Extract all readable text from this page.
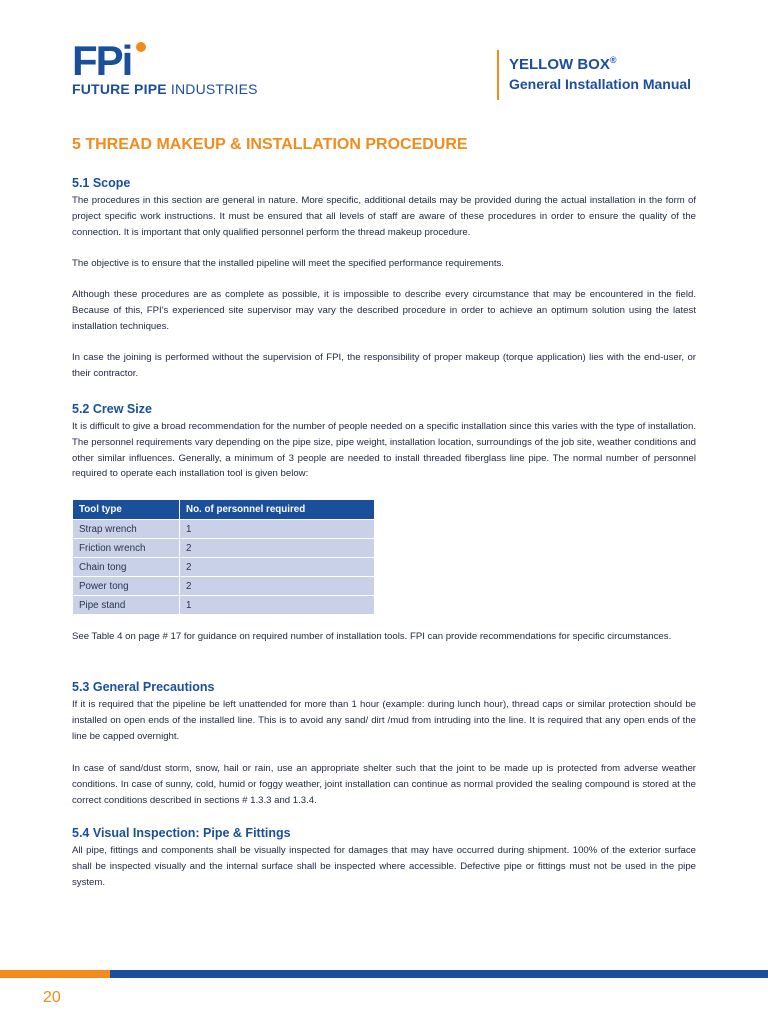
FPi
FUTURE PIPE INDUSTRIES
YELLOW BOX®
General Installation Manual
5 THREAD MAKEUP & INSTALLATION PROCEDURE
5.1 Scope

The procedures in this section are general in nature. More specific, additional details may be provided during the actual installation in the form of project specific work instructions. It must be ensured that all levels of staff are aware of these procedures in order to ensure the quality of the connection. It is important that only qualified personnel perform the thread makeup procedure.

The objective is to ensure that the installed pipeline will meet the specified performance requirements.

Although these procedures are as complete as possible, it is impossible to describe every circumstance that may be encountered in the field. Because of this, FPI's experienced site supervisor may vary the described procedure in order to achieve an optimum solution using the latest installation techniques.

In case the joining is performed without the supervision of FPI, the responsibility of proper makeup (torque application) lies with the end-user, or their contractor.

5.2 Crew Size

It is difficult to give a broad recommendation for the number of people needed on a specific installation since this varies with the type of installation. The personnel requirements vary depending on the pipe size, pipe weight, installation location, surroundings of the job site, weather conditions and other similar influences. Generally, a minimum of 3 people are needed to install threaded fiberglass line pipe. The normal number of personnel required to operate each installation tool is given below:

Tool type	No. of personnel required
Strap wrench	1
Friction wrench	2
Chain tong	2
Power tong	2
Pipe stand	1

See Table 4 on page # 17 for guidance on required number of installation tools. FPI can provide recommendations for specific circumstances.

5.3 General Precautions

If it is required that the pipeline be left unattended for more than 1 hour (example: during lunch hour), thread caps or similar protection should be installed on open ends of the installed line. This is to avoid any sand/ dirt /mud from intruding into the line. It is required that any open ends of the line be capped overnight.

In case of sand/dust storm, snow, hail or rain, use an appropriate shelter such that the joint to be made up is protected from adverse weather conditions. In case of sunny, cold, humid or foggy weather, joint installation can continue as normal provided the sealing compound is stored at the correct conditions described in sections # 1.3.3 and 1.3.4.

5.4 Visual Inspection: Pipe & Fittings

All pipe, fittings and components shall be visually inspected for damages that may have occurred during shipment. 100% of the exterior surface shall be inspected visually and the internal surface shall be inspected where accessible. Defective pipe or fittings must not be used in the pipe system.

20
